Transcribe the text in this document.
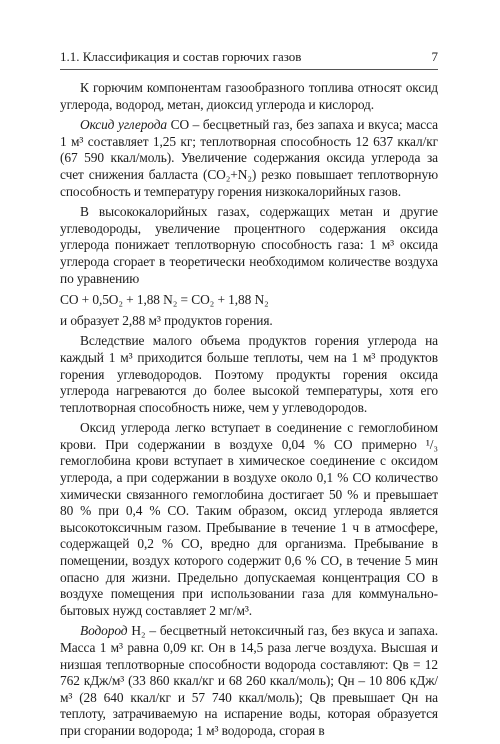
1.1. Классификация и состав горючих газов	7

К горючим компонентам газообразного топлива относят оксид углерода, водород, метан, диоксид углерода и кислород.

Оксид углерода CO – бесцветный газ, без запаха и вкуса; масса 1 м³ составляет 1,25 кг; теплотворная способность 12 637 ккал/кг (67 590 ккал/моль). Увеличение содержания оксида углерода за счет снижения балласта (CO₂+N₂) резко повышает теплотворную способность и температуру горения низкокалорийных газов.

В высококалорийных газах, содержащих метан и другие углеводороды, увеличение процентного содержания оксида углерода понижает теплотворную способность газа: 1 м³ оксида углерода сгорает в теоретически необходимом количестве воздуха по уравнению

CO + 0,5O₂ + 1,88 N₂ = CO₂ + 1,88 N₂

и образует 2,88 м³ продуктов горения.

Вследствие малого объема продуктов горения углерода на каждый 1 м³ приходится больше теплоты, чем на 1 м³ продуктов горения углеводородов. Поэтому продукты горения оксида углерода нагреваются до более высокой температуры, хотя его теплотворная способность ниже, чем у углеводородов.

Оксид углерода легко вступает в соединение с гемоглобином крови. При содержании в воздухе 0,04 % CO примерно ¹/₃ гемоглобина крови вступает в химическое соединение с оксидом углерода, а при содержании в воздухе около 0,1 % CO количество химически связанного гемоглобина достигает 50 % и превышает 80 % при 0,4 % CO. Таким образом, оксид углерода является высокотоксичным газом. Пребывание в течение 1 ч в атмосфере, содержащей 0,2 % CO, вредно для организма. Пребывание в помещении, воздух которого содержит 0,6 % CO, в течение 5 мин опасно для жизни. Предельно допускаемая концентрация CO в воздухе помещения при использовании газа для коммунально-бытовых нужд составляет 2 мг/м³.

Водород H₂ – бесцветный нетоксичный газ, без вкуса и запаха. Масса 1 м³ равна 0,09 кг. Он в 14,5 раза легче воздуха. Высшая и низшая теплотворные способности водорода составляют: Qв = 12 762 кДж/м³ (33 860 ккал/кг и 68 260 ккал/моль); Qн – 10 806 кДж/м³ (28 640 ккал/кг и 57 740 ккал/моль); Qв превышает Qн на теплоту, затрачиваемую на испарение воды, которая образуется при сгорании водорода; 1 м³ водорода, сгорая в
